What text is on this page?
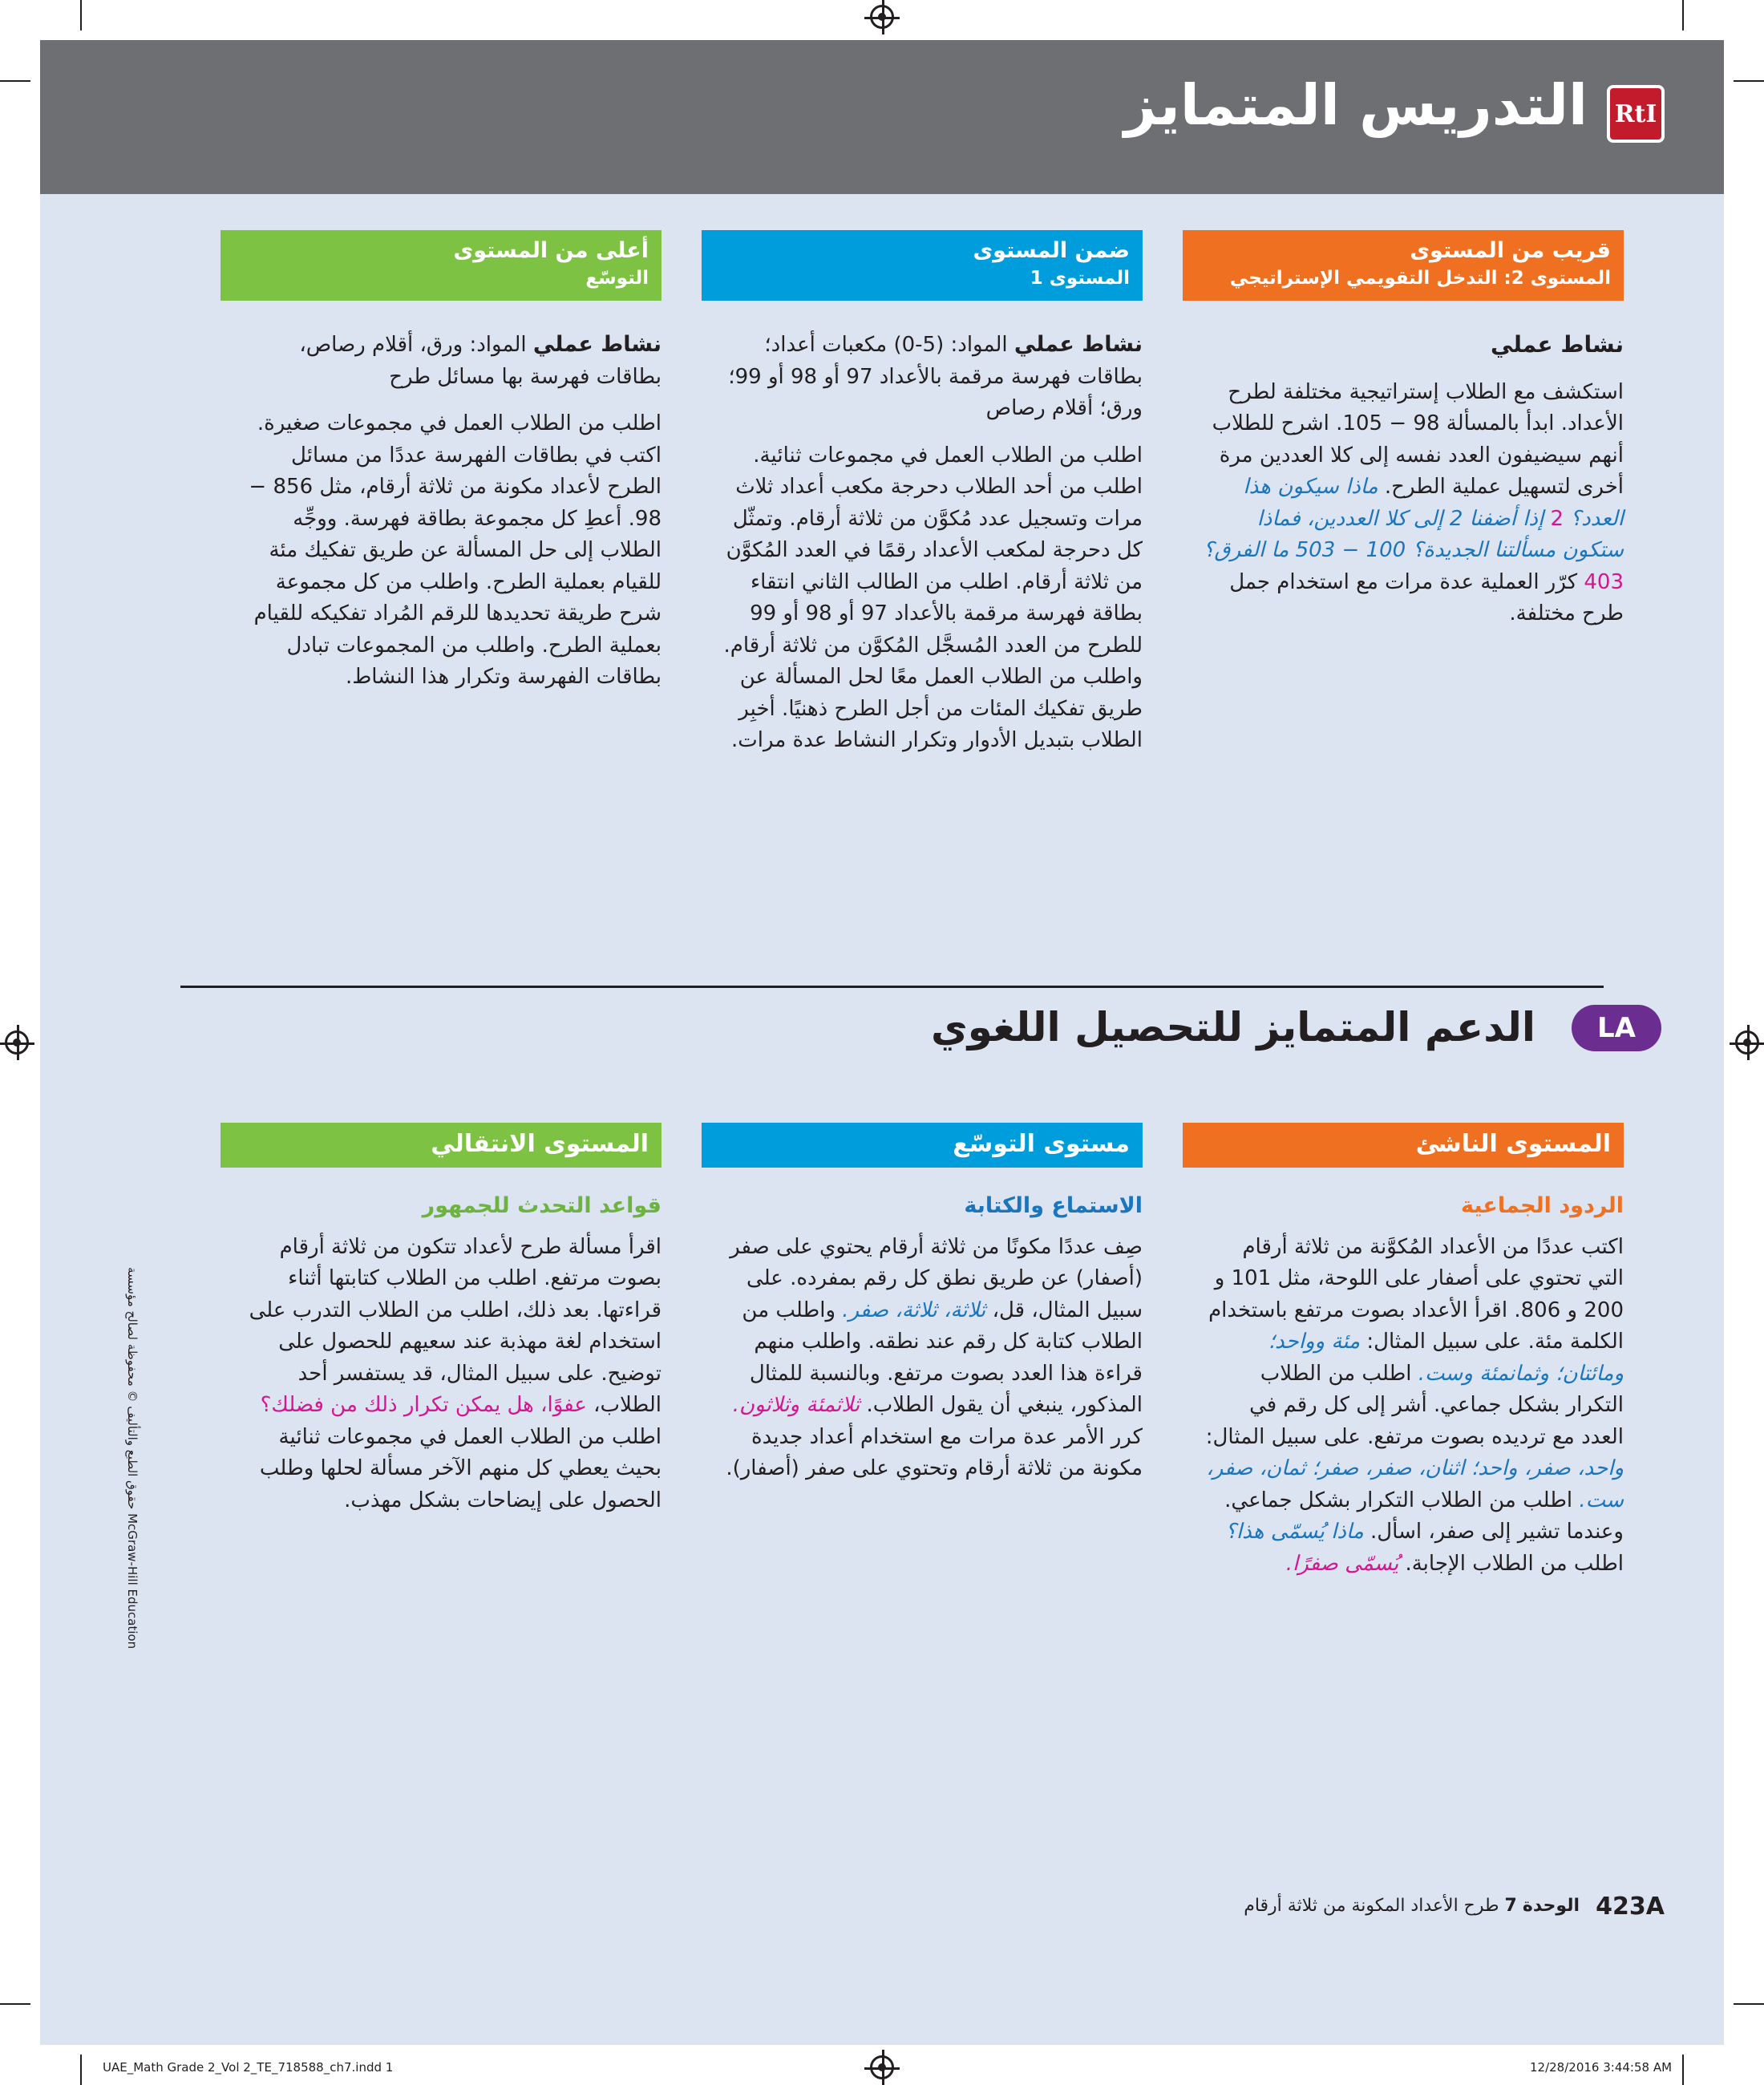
التدريس المتمايز	RtI
قريب من المستوى
المستوى 2: التدخل التقويمي الإستراتيجي
ضمن المستوى
المستوى 1
أعلى من المستوى
التوسّع
نشاط عملي

استكشف مع الطلاب إستراتيجية مختلفة لطرح الأعداد. ابدأ بالمسألة 98 − 105. اشرح للطلاب أنهم سيضيفون العدد نفسه إلى كلا العددين مرة أخرى لتسهيل عملية الطرح. ماذا سيكون هذا العدد؟ 2 إذا أضفنا 2 إلى كلا العددين، فماذا ستكون مسألتنا الجديدة؟ 100 − 503 ما الفرق؟ 403 كرّر العملية عدة مرات مع استخدام جمل طرح مختلفة.

نشاط عملي المواد: (5-0) مكعبات أعداد؛ بطاقات فهرسة مرقمة بالأعداد 97 أو 98 أو 99؛ ورق؛ أقلام رصاص

اطلب من الطلاب العمل في مجموعات ثنائية. اطلب من أحد الطلاب دحرجة مكعب أعداد ثلاث مرات وتسجيل عدد مُكوَّن من ثلاثة أرقام. وتمثّل كل دحرجة لمكعب الأعداد رقمًا في العدد المُكوَّن من ثلاثة أرقام. اطلب من الطالب الثاني انتقاء بطاقة فهرسة مرقمة بالأعداد 97 أو 98 أو 99 للطرح من العدد المُسجَّل المُكوَّن من ثلاثة أرقام. واطلب من الطلاب العمل معًا لحل المسألة عن طريق تفكيك المئات من أجل الطرح ذهنيًا. أخبِر الطلاب بتبديل الأدوار وتكرار النشاط عدة مرات.

نشاط عملي المواد: ورق، أقلام رصاص، بطاقات فهرسة بها مسائل طرح

اطلب من الطلاب العمل في مجموعات صغيرة. اكتب في بطاقات الفهرسة عددًا من مسائل الطرح لأعداد مكونة من ثلاثة أرقام، مثل 856 − 98. أعطِ كل مجموعة بطاقة فهرسة. ووجِّه الطلاب إلى حل المسألة عن طريق تفكيك مئة للقيام بعملية الطرح. واطلب من كل مجموعة شرح طريقة تحديدها للرقم المُراد تفكيكه للقيام بعملية الطرح. واطلب من المجموعات تبادل بطاقات الفهرسة وتكرار هذا النشاط.

الدعم المتمايز للتحصيل اللغوي	LA
المستوى الناشئ
مستوى التوسّع
المستوى الانتقالي
الردود الجماعية

اكتب عددًا من الأعداد المُكوَّنة من ثلاثة أرقام التي تحتوي على أصفار على اللوحة، مثل 101 و 200 و 806. اقرأ الأعداد بصوت مرتفع باستخدام الكلمة مئة. على سبيل المثال: مئة وواحد؛ ومائتان؛ وثمانمئة وست. اطلب من الطلاب التكرار بشكل جماعي. أشر إلى كل رقم في العدد مع ترديده بصوت مرتفع. على سبيل المثال: واحد، صفر، واحد؛ اثنان، صفر، صفر؛ ثمان، صفر، ست. اطلب من الطلاب التكرار بشكل جماعي. وعندما تشير إلى صفر، اسأل. ماذا يُسمّى هذا؟ اطلب من الطلاب الإجابة. يُسمّى صفرًا.

الاستماع والكتابة

صِف عددًا مكونًا من ثلاثة أرقام يحتوي على صفر (أصفار) عن طريق نطق كل رقم بمفرده. على سبيل المثال، قل، ثلاثة، ثلاثة، صفر. واطلب من الطلاب كتابة كل رقم عند نطقه. واطلب منهم قراءة هذا العدد بصوت مرتفع. وبالنسبة للمثال المذكور، ينبغي أن يقول الطلاب. ثلاثمئة وثلاثون. كرر الأمر عدة مرات مع استخدام أعداد جديدة مكونة من ثلاثة أرقام وتحتوي على صفر (أصفار).

قواعد التحدث للجمهور

اقرأ مسألة طرح لأعداد تتكون من ثلاثة أرقام بصوت مرتفع. اطلب من الطلاب كتابتها أثناء قراءتها. بعد ذلك، اطلب من الطلاب التدرب على استخدام لغة مهذبة عند سعيهم للحصول على توضيح. على سبيل المثال، قد يستفسر أحد الطلاب، عفوًا، هل يمكن تكرار ذلك من فضلك؟ اطلب من الطلاب العمل في مجموعات ثنائية بحيث يعطي كل منهم الآخر مسألة لحلها وطلب الحصول على إيضاحات بشكل مهذب.

423A
الوحدة 7 طرح الأعداد المكونة من ثلاثة أرقام
حقوق الطبع والتأليف © محفوظة لصالح مؤسسة McGraw-Hill Education
UAE_Math Grade 2_Vol 2_TE_718588_ch7.indd 1	12/28/2016 3:44:58 AM
